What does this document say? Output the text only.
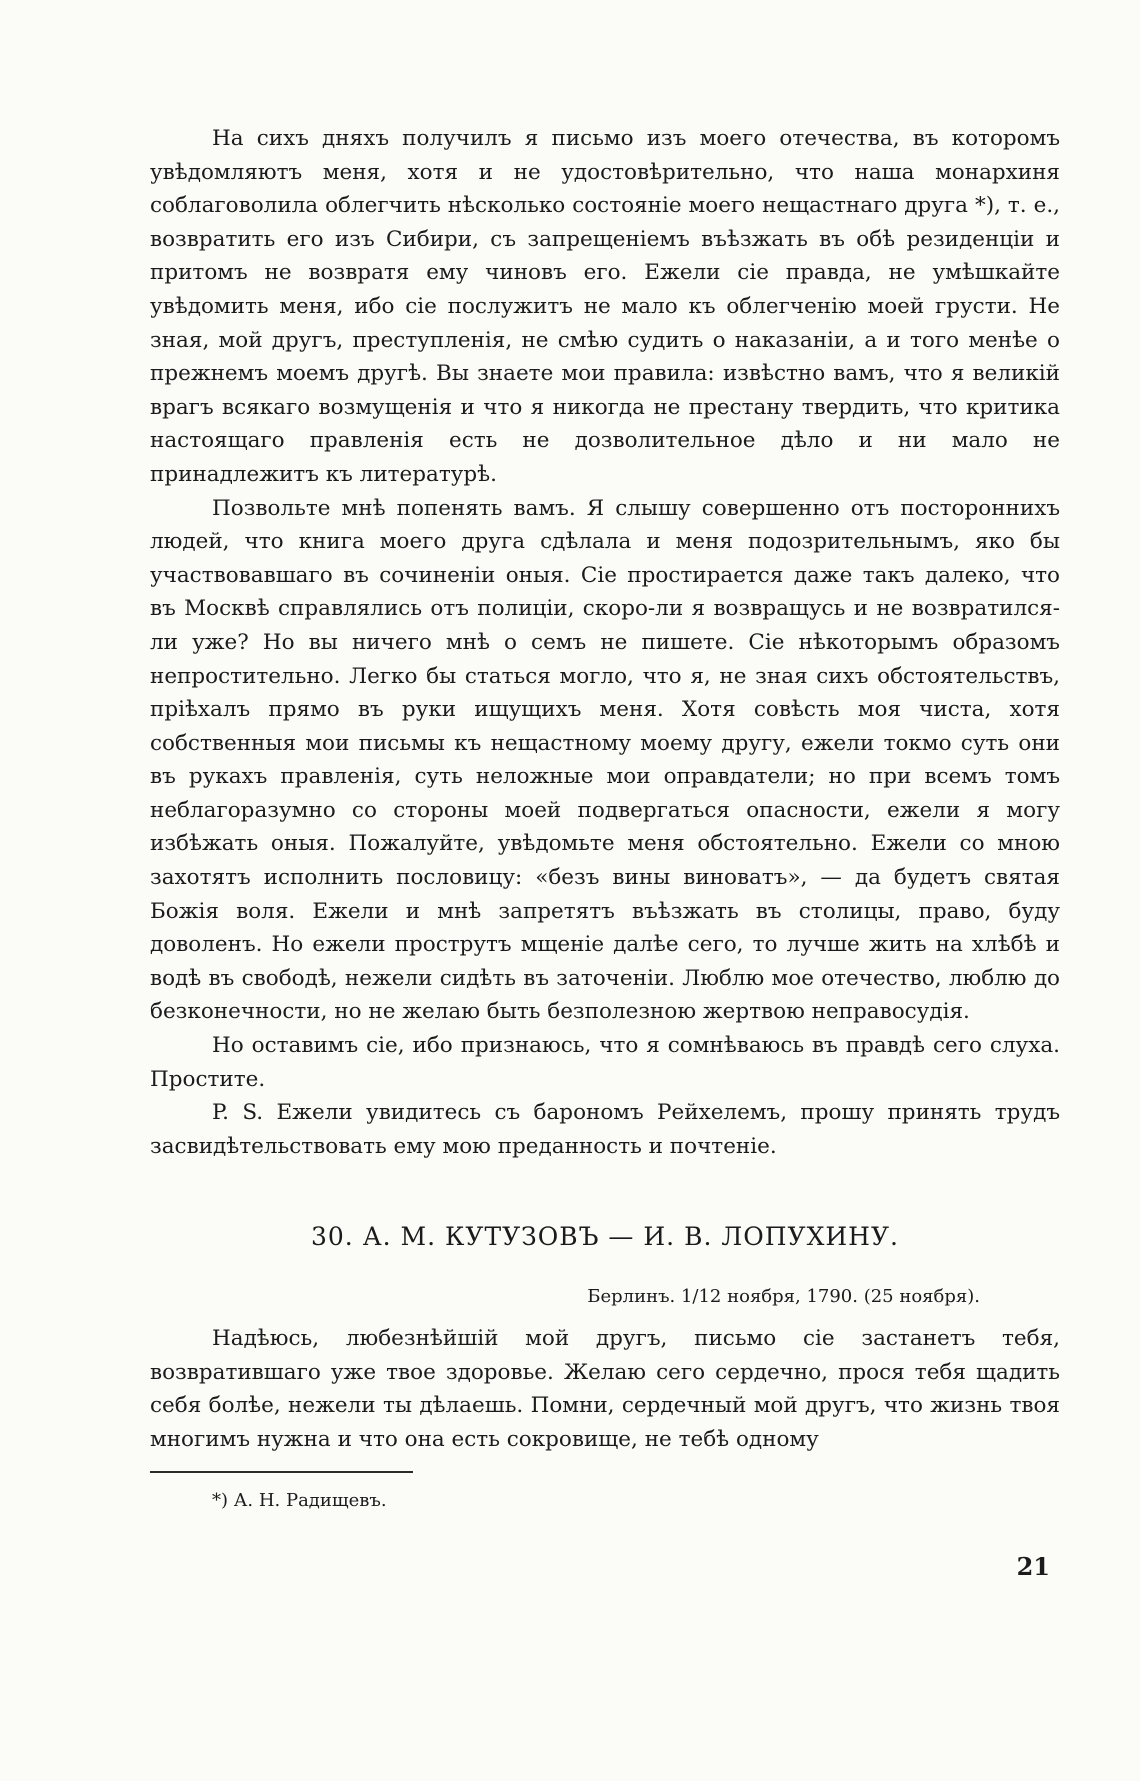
На сихъ дняхъ получилъ я письмо изъ моего отечества, въ которомъ увѣдомляютъ меня, хотя и не удостовѣрительно, что наша монархиня соблаговолила облегчить нѣсколько состояніе моего нещастнаго друга *), т. е., возвратить его изъ Сибири, съ запрещеніемъ въѣзжать въ обѣ резиденціи и притомъ не возвратя ему чиновъ его. Ежели сіе правда, не умѣшкайте увѣдомить меня, ибо сіе послужитъ не мало къ облегченію моей грусти. Не зная, мой другъ, преступленія, не смѣю судить о наказаніи, а и того менѣе о прежнемъ моемъ другѣ. Вы знаете мои правила: извѣстно вамъ, что я великій врагъ всякаго возмущенія и что я никогда не престану твердить, что критика настоящаго правленія есть не дозволительное дѣло и ни мало не принадлежитъ къ литературѣ.

Позвольте мнѣ попенять вамъ. Я слышу совершенно отъ постороннихъ людей, что книга моего друга сдѣлала и меня подозрительнымъ, яко бы участвовавшаго въ сочиненіи оныя. Сіе простирается даже такъ далеко, что въ Москвѣ справлялись отъ полиціи, скоро-ли я возвращусь и не возвратился-ли уже? Но вы ничего мнѣ о семъ не пишете. Сіе нѣкоторымъ образомъ непростительно. Легко бы статься могло, что я, не зная сихъ обстоятельствъ, пріѣхалъ прямо въ руки ищущихъ меня. Хотя совѣсть моя чиста, хотя собственныя мои письмы къ нещастному моему другу, ежели токмо суть они въ рукахъ правленія, суть неложные мои оправдатели; но при всемъ томъ неблагоразумно со стороны моей подвергаться опасности, ежели я могу избѣжать оныя. Пожалуйте, увѣдомьте меня обстоятельно. Ежели со мною захотятъ исполнить пословицу: «безъ вины виноватъ», — да будетъ святая Божія воля. Ежели и мнѣ запретятъ въѣзжать въ столицы, право, буду доволенъ. Но ежели прострутъ мщеніе далѣе сего, то лучше жить на хлѣбѣ и водѣ въ свободѣ, нежели сидѣть въ заточеніи. Люблю мое отечество, люблю до безконечности, но не желаю быть безполезною жертвою неправосудія.

Но оставимъ сіе, ибо признаюсь, что я сомнѣваюсь въ правдѣ сего слуха. Простите.

P. S. Ежели увидитесь съ барономъ Рейхелемъ, прошу принять трудъ засвидѣтельствовать ему мою преданность и почтеніе.

30. А. М. КУТУЗОВЪ — И. В. ЛОПУХИНУ.
Берлинъ. 1/12 ноября, 1790. (25 ноября).

Надѣюсь, любезнѣйшій мой другъ, письмо сіе застанетъ тебя, возвратившаго уже твое здоровье. Желаю сего сердечно, прося тебя щадить себя болѣе, нежели ты дѣлаешь. Помни, сердечный мой другъ, что жизнь твоя многимъ нужна и что она есть сокровище, не тебѣ одному

*) А. Н. Радищевъ.
21
